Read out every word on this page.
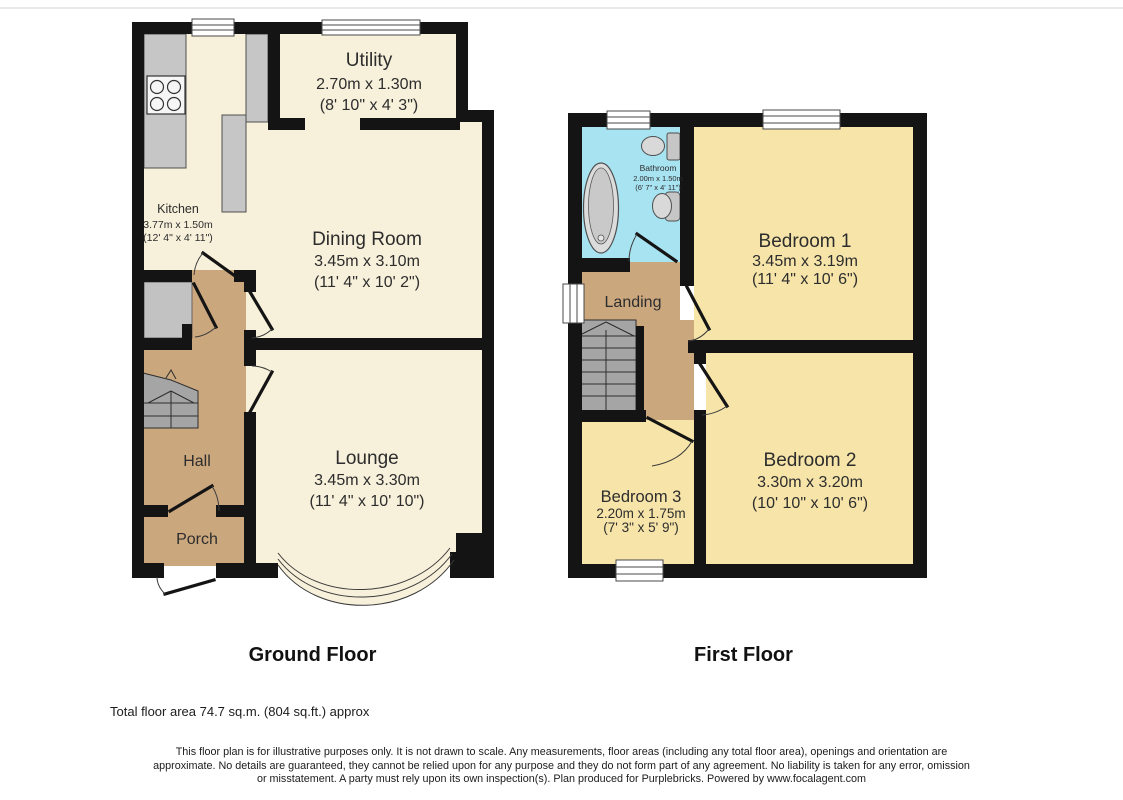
Utility
2.70m x 1.30m
(8' 10" x 4' 3")
Kitchen
3.77m x 1.50m
(12' 4" x 4' 11")	Dining Room
3.45m x 3.10m
(11' 4" x 10' 2")
Hall	Lounge
3.45m x 3.30m
(11' 4" x 10' 10")
Porch
Bathroom
2.00m x 1.50m
(6' 7" x 4' 11")
Bedroom 1
3.45m x 3.19m
(11' 4" x 10' 6")
Landing
Bedroom 2
3.30m x 3.20m
(10' 10" x 10' 6")
Bedroom 3
2.20m x 1.75m
(7' 3" x 5' 9")
Ground Floor	First Floor
Total floor area 74.7 sq.m. (804 sq.ft.) approx
This floor plan is for illustrative purposes only. It is not drawn to scale. Any measurements, floor areas (including any total floor area), openings and orientation are
approximate. No details are guaranteed, they cannot be relied upon for any purpose and they do not form part of any agreement. No liability is taken for any error, omission
or misstatement. A party must rely upon its own inspection(s). Plan produced for Purplebricks. Powered by www.focalagent.com
